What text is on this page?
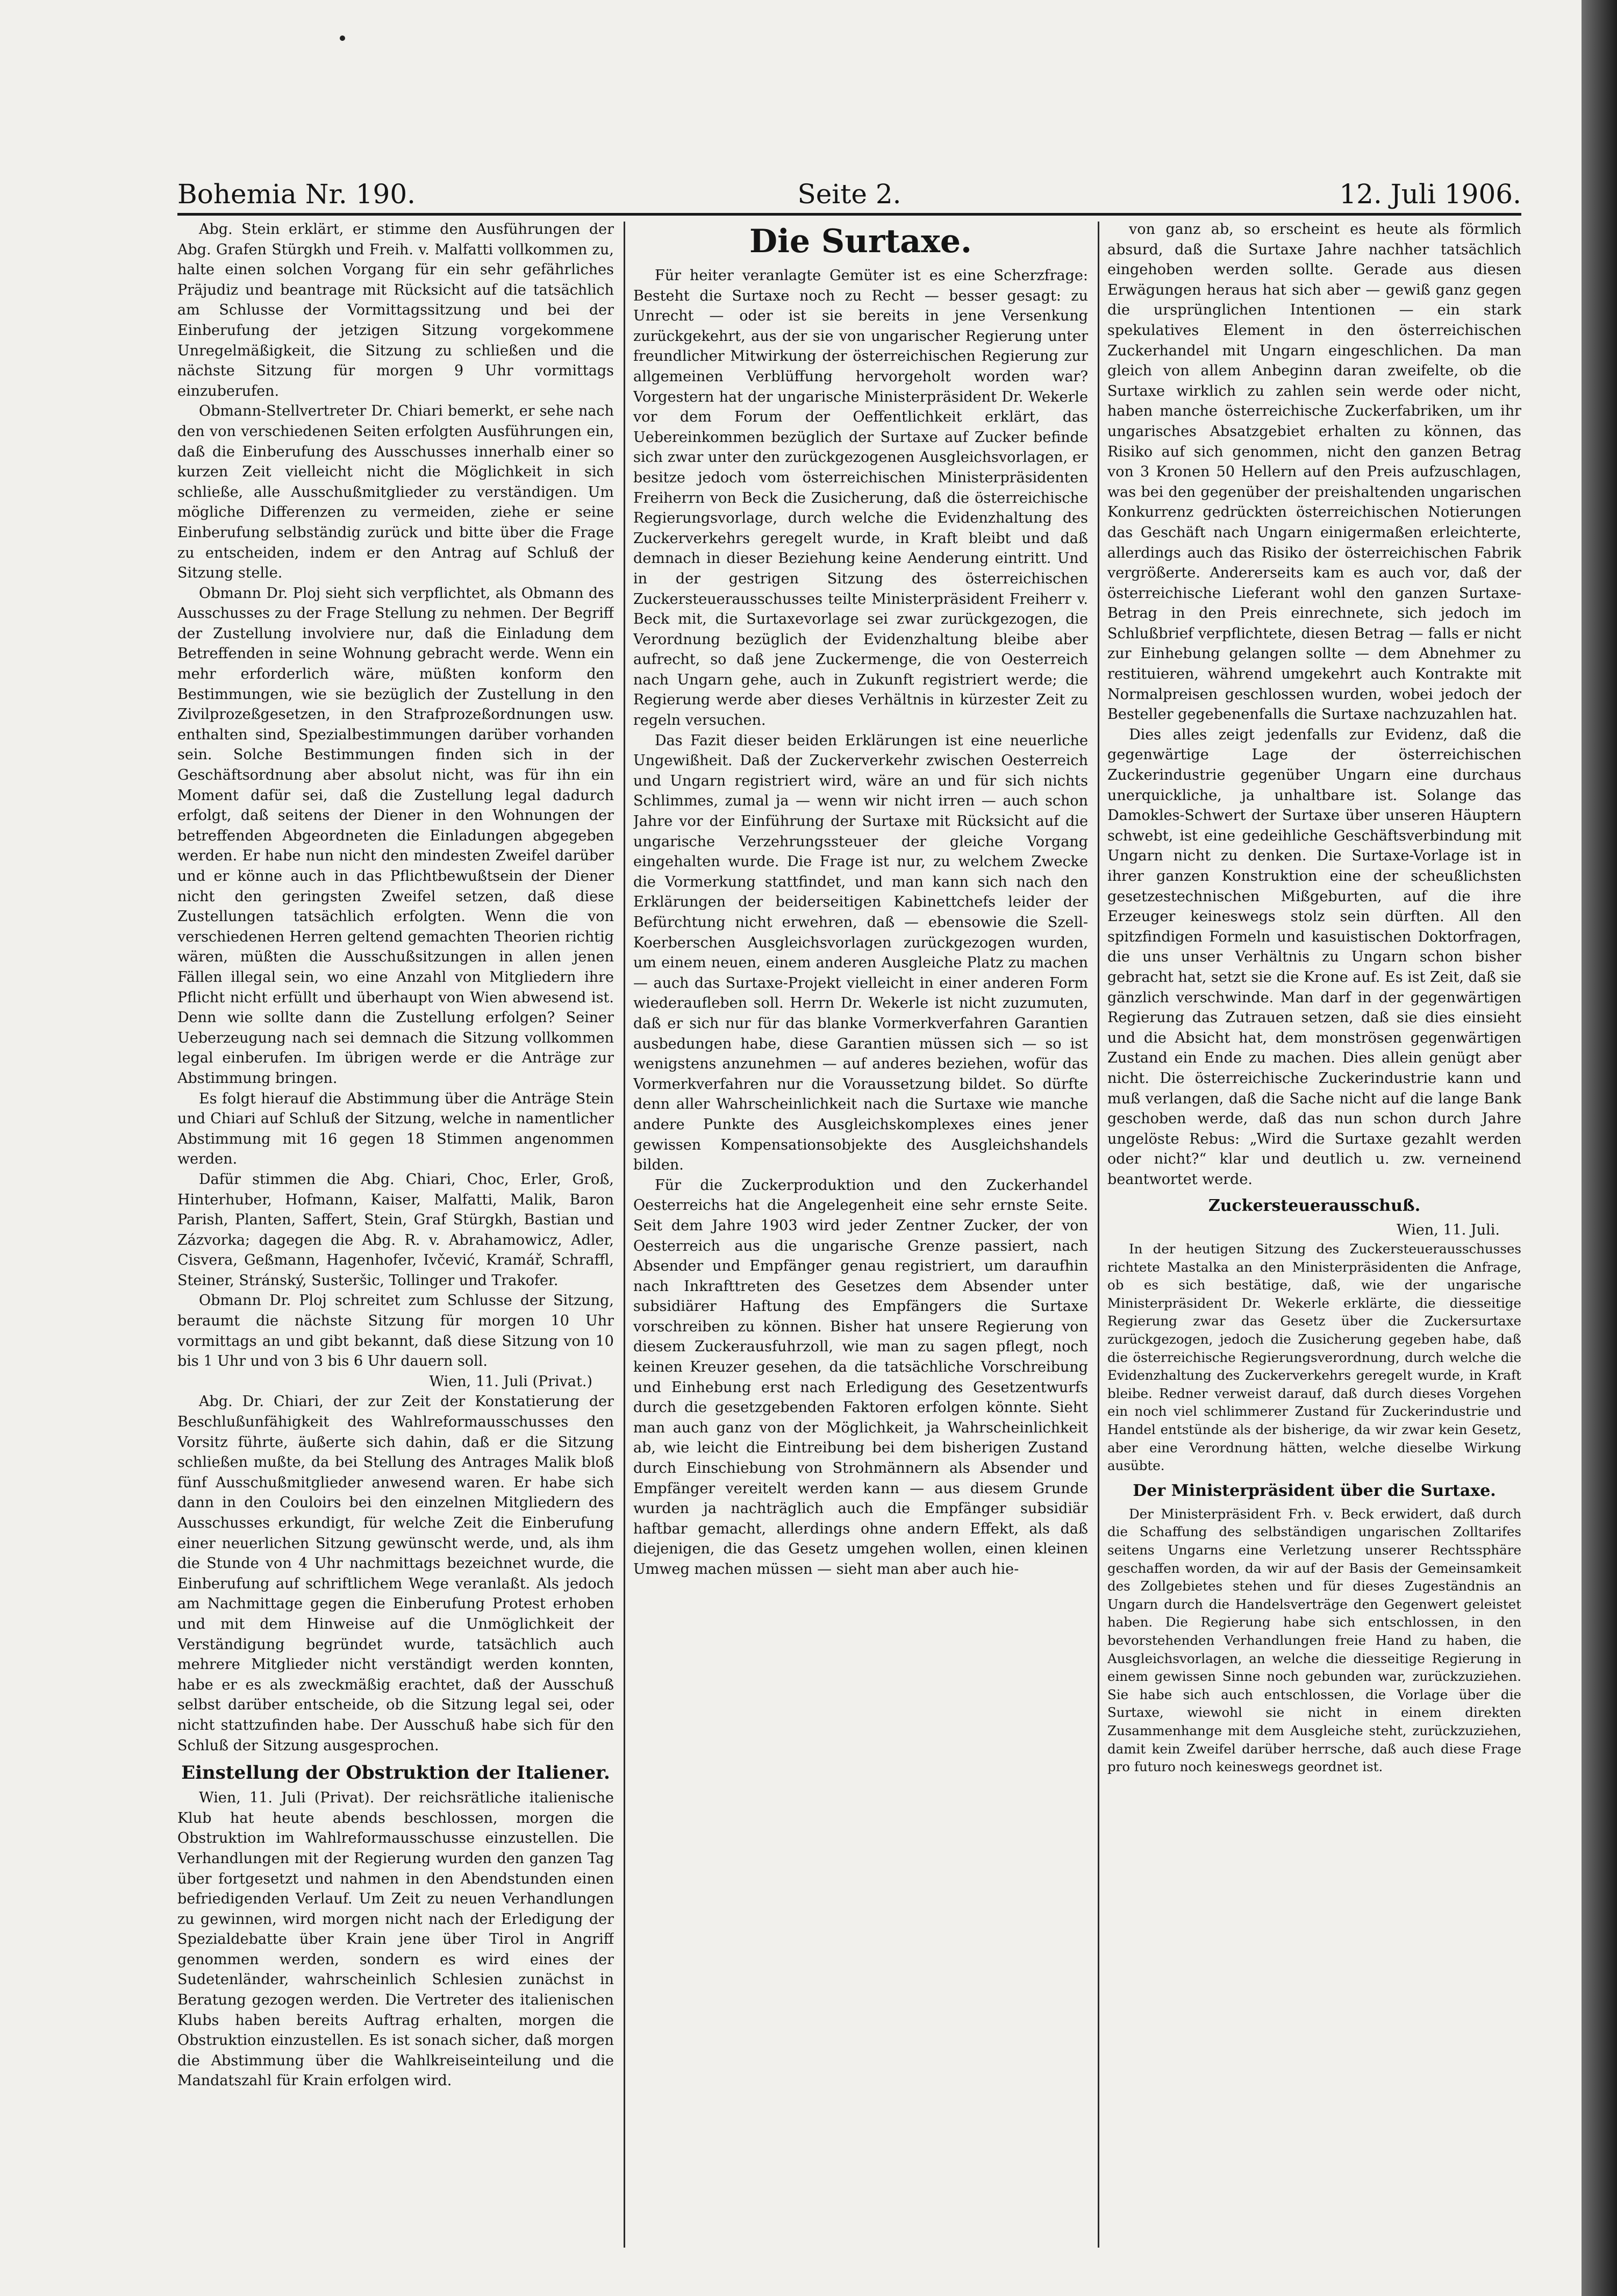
Bohemia Nr. 190.	Seite 2.	12. Juli 1906.

Abg. Stein erklärt, er stimme den Ausführungen der Abg. Grafen Stürgkh und Freih. v. Malfatti vollkommen zu, halte einen solchen Vorgang für ein sehr gefährliches Präjudiz und beantrage mit Rücksicht auf die tatsächlich am Schlusse der Vormittagssitzung und bei der Einberufung der jetzigen Sitzung vorgekommene Unregelmäßigkeit, die Sitzung zu schließen und die nächste Sitzung für morgen 9 Uhr vormittags einzuberufen.

Obmann-Stellvertreter Dr. Chiari bemerkt, er sehe nach den von verschiedenen Seiten erfolgten Ausführungen ein, daß die Einberufung des Ausschusses innerhalb einer so kurzen Zeit vielleicht nicht die Möglichkeit in sich schließe, alle Ausschußmitglieder zu verständigen. Um mögliche Differenzen zu vermeiden, ziehe er seine Einberufung selbständig zurück und bitte über die Frage zu entscheiden, indem er den Antrag auf Schluß der Sitzung stelle.

Obmann Dr. Ploj sieht sich verpflichtet, als Obmann des Ausschusses zu der Frage Stellung zu nehmen. Der Begriff der Zustellung involviere nur, daß die Einladung dem Betreffenden in seine Wohnung gebracht werde. Wenn ein mehr erforderlich wäre, müßten konform den Bestimmungen, wie sie bezüglich der Zustellung in den Zivilprozeßgesetzen, in den Strafprozeßordnungen usw. enthalten sind, Spezialbestimmungen darüber vorhanden sein. Solche Bestimmungen finden sich in der Geschäftsordnung aber absolut nicht, was für ihn ein Moment dafür sei, daß die Zustellung legal dadurch erfolgt, daß seitens der Diener in den Wohnungen der betreffenden Abgeordneten die Einladungen abgegeben werden. Er habe nun nicht den mindesten Zweifel darüber und er könne auch in das Pflichtbewußtsein der Diener nicht den geringsten Zweifel setzen, daß diese Zustellungen tatsächlich erfolgten. Wenn die von verschiedenen Herren geltend gemachten Theorien richtig wären, müßten die Ausschußsitzungen in allen jenen Fällen illegal sein, wo eine Anzahl von Mitgliedern ihre Pflicht nicht erfüllt und überhaupt von Wien abwesend ist. Denn wie sollte dann die Zustellung erfolgen? Seiner Ueberzeugung nach sei demnach die Sitzung vollkommen legal einberufen. Im übrigen werde er die Anträge zur Abstimmung bringen.

Es folgt hierauf die Abstimmung über die Anträge Stein und Chiari auf Schluß der Sitzung, welche in namentlicher Abstimmung mit 16 gegen 18 Stimmen angenommen werden.

Dafür stimmen die Abg. Chiari, Choc, Erler, Groß, Hinterhuber, Hofmann, Kaiser, Malfatti, Malik, Baron Parish, Planten, Saffert, Stein, Graf Stürgkh, Bastian und Zázvorka; dagegen die Abg. R. v. Abrahamowicz, Adler, Cisvera, Geßmann, Hagenhofer, Ivčević, Kramář, Schraffl, Steiner, Stránský, Susteršic, Tollinger und Trakofer.

Obmann Dr. Ploj schreitet zum Schlusse der Sitzung, beraumt die nächste Sitzung für morgen 10 Uhr vormittags an und gibt bekannt, daß diese Sitzung von 10 bis 1 Uhr und von 3 bis 6 Uhr dauern soll.

Wien, 11. Juli (Privat.)

Abg. Dr. Chiari, der zur Zeit der Konstatierung der Beschlußunfähigkeit des Wahlreformausschusses den Vorsitz führte, äußerte sich dahin, daß er die Sitzung schließen mußte, da bei Stellung des Antrages Malik bloß fünf Ausschußmitglieder anwesend waren. Er habe sich dann in den Couloirs bei den einzelnen Mitgliedern des Ausschusses erkundigt, für welche Zeit die Einberufung einer neuerlichen Sitzung gewünscht werde, und, als ihm die Stunde von 4 Uhr nachmittags bezeichnet wurde, die Einberufung auf schriftlichem Wege veranlaßt. Als jedoch am Nachmittage gegen die Einberufung Protest erhoben und mit dem Hinweise auf die Unmöglichkeit der Verständigung begründet wurde, tatsächlich auch mehrere Mitglieder nicht verständigt werden konnten, habe er es als zweckmäßig erachtet, daß der Ausschuß selbst darüber entscheide, ob die Sitzung legal sei, oder nicht stattzufinden habe. Der Ausschuß habe sich für den Schluß der Sitzung ausgesprochen.

Einstellung der Obstruktion der Italiener.

Wien, 11. Juli (Privat). Der reichsrätliche italienische Klub hat heute abends beschlossen, morgen die Obstruktion im Wahlreformausschusse einzustellen. Die Verhandlungen mit der Regierung wurden den ganzen Tag über fortgesetzt und nahmen in den Abendstunden einen befriedigenden Verlauf. Um Zeit zu neuen Verhandlungen zu gewinnen, wird morgen nicht nach der Erledigung der Spezialdebatte über Krain jene über Tirol in Angriff genommen werden, sondern es wird eines der Sudetenländer, wahrscheinlich Schlesien zunächst in Beratung gezogen werden. Die Vertreter des italienischen Klubs haben bereits Auftrag erhalten, morgen die Obstruktion einzustellen. Es ist sonach sicher, daß morgen die Abstimmung über die Wahlkreiseinteilung und die Mandatszahl für Krain erfolgen wird.

Die Surtaxe.

Für heiter veranlagte Gemüter ist es eine Scherzfrage: Besteht die Surtaxe noch zu Recht — besser gesagt: zu Unrecht — oder ist sie bereits in jene Versenkung zurückgekehrt, aus der sie von ungarischer Regierung unter freundlicher Mitwirkung der österreichischen Regierung zur allgemeinen Verblüffung hervorgeholt worden war? Vorgestern hat der ungarische Ministerpräsident Dr. Wekerle vor dem Forum der Oeffentlichkeit erklärt, das Uebereinkommen bezüglich der Surtaxe auf Zucker befinde sich zwar unter den zurückgezogenen Ausgleichsvorlagen, er besitze jedoch vom österreichischen Ministerpräsidenten Freiherrn von Beck die Zusicherung, daß die österreichische Regierungsvorlage, durch welche die Evidenzhaltung des Zuckerverkehrs geregelt wurde, in Kraft bleibt und daß demnach in dieser Beziehung keine Aenderung eintritt. Und in der gestrigen Sitzung des österreichischen Zuckersteuerausschusses teilte Ministerpräsident Freiherr v. Beck mit, die Surtaxevorlage sei zwar zurückgezogen, die Verordnung bezüglich der Evidenzhaltung bleibe aber aufrecht, so daß jene Zuckermenge, die von Oesterreich nach Ungarn gehe, auch in Zukunft registriert werde; die Regierung werde aber dieses Verhältnis in kürzester Zeit zu regeln versuchen.

Das Fazit dieser beiden Erklärungen ist eine neuerliche Ungewißheit. Daß der Zuckerverkehr zwischen Oesterreich und Ungarn registriert wird, wäre an und für sich nichts Schlimmes, zumal ja — wenn wir nicht irren — auch schon Jahre vor der Einführung der Surtaxe mit Rücksicht auf die ungarische Verzehrungssteuer der gleiche Vorgang eingehalten wurde. Die Frage ist nur, zu welchem Zwecke die Vormerkung stattfindet, und man kann sich nach den Erklärungen der beiderseitigen Kabinettchefs leider der Befürchtung nicht erwehren, daß — ebensowie die Szell-Koerberschen Ausgleichsvorlagen zurückgezogen wurden, um einem neuen, einem anderen Ausgleiche Platz zu machen — auch das Surtaxe-Projekt vielleicht in einer anderen Form wiederaufleben soll. Herrn Dr. Wekerle ist nicht zuzumuten, daß er sich nur für das blanke Vormerkverfahren Garantien ausbedungen habe, diese Garantien müssen sich — so ist wenigstens anzunehmen — auf anderes beziehen, wofür das Vormerkverfahren nur die Voraussetzung bildet. So dürfte denn aller Wahrscheinlichkeit nach die Surtaxe wie manche andere Punkte des Ausgleichskomplexes eines jener gewissen Kompensationsobjekte des Ausgleichshandels bilden.

Für die Zuckerproduktion und den Zuckerhandel Oesterreichs hat die Angelegenheit eine sehr ernste Seite. Seit dem Jahre 1903 wird jeder Zentner Zucker, der von Oesterreich aus die ungarische Grenze passiert, nach Absender und Empfänger genau registriert, um daraufhin nach Inkrafttreten des Gesetzes dem Absender unter subsidiärer Haftung des Empfängers die Surtaxe vorschreiben zu können. Bisher hat unsere Regierung von diesem Zuckerausfuhrzoll, wie man zu sagen pflegt, noch keinen Kreuzer gesehen, da die tatsächliche Vorschreibung und Einhebung erst nach Erledigung des Gesetzentwurfs durch die gesetzgebenden Faktoren erfolgen könnte. Sieht man auch ganz von der Möglichkeit, ja Wahrscheinlichkeit ab, wie leicht die Eintreibung bei dem bisherigen Zustand durch Einschiebung von Strohmännern als Absender und Empfänger vereitelt werden kann — aus diesem Grunde wurden ja nachträglich auch die Empfänger subsidiär haftbar gemacht, allerdings ohne andern Effekt, als daß diejenigen, die das Gesetz umgehen wollen, einen kleinen Umweg machen müssen — sieht man aber auch hie-

von ganz ab, so erscheint es heute als förmlich absurd, daß die Surtaxe Jahre nachher tatsächlich eingehoben werden sollte. Gerade aus diesen Erwägungen heraus hat sich aber — gewiß ganz gegen die ursprünglichen Intentionen — ein stark spekulatives Element in den österreichischen Zuckerhandel mit Ungarn eingeschlichen. Da man gleich von allem Anbeginn daran zweifelte, ob die Surtaxe wirklich zu zahlen sein werde oder nicht, haben manche österreichische Zuckerfabriken, um ihr ungarisches Absatzgebiet erhalten zu können, das Risiko auf sich genommen, nicht den ganzen Betrag von 3 Kronen 50 Hellern auf den Preis aufzuschlagen, was bei den gegenüber der preishaltenden ungarischen Konkurrenz gedrückten österreichischen Notierungen das Geschäft nach Ungarn einigermaßen erleichterte, allerdings auch das Risiko der österreichischen Fabrik vergrößerte. Andererseits kam es auch vor, daß der österreichische Lieferant wohl den ganzen Surtaxe-Betrag in den Preis einrechnete, sich jedoch im Schlußbrief verpflichtete, diesen Betrag — falls er nicht zur Einhebung gelangen sollte — dem Abnehmer zu restituieren, während umgekehrt auch Kontrakte mit Normalpreisen geschlossen wurden, wobei jedoch der Besteller gegebenenfalls die Surtaxe nachzuzahlen hat.

Dies alles zeigt jedenfalls zur Evidenz, daß die gegenwärtige Lage der österreichischen Zuckerindustrie gegenüber Ungarn eine durchaus unerquickliche, ja unhaltbare ist. Solange das Damokles-Schwert der Surtaxe über unseren Häuptern schwebt, ist eine gedeihliche Geschäftsverbindung mit Ungarn nicht zu denken. Die Surtaxe-Vorlage ist in ihrer ganzen Konstruktion eine der scheußlichsten gesetzestechnischen Mißgeburten, auf die ihre Erzeuger keineswegs stolz sein dürften. All den spitzfindigen Formeln und kasuistischen Doktorfragen, die uns unser Verhältnis zu Ungarn schon bisher gebracht hat, setzt sie die Krone auf. Es ist Zeit, daß sie gänzlich verschwinde. Man darf in der gegenwärtigen Regierung das Zutrauen setzen, daß sie dies einsieht und die Absicht hat, dem monströsen gegenwärtigen Zustand ein Ende zu machen. Dies allein genügt aber nicht. Die österreichische Zuckerindustrie kann und muß verlangen, daß die Sache nicht auf die lange Bank geschoben werde, daß das nun schon durch Jahre ungelöste Rebus: „Wird die Surtaxe gezahlt werden oder nicht?“ klar und deutlich u. zw. verneinend beantwortet werde.

Zuckersteuerausschuß.

Wien, 11. Juli.

In der heutigen Sitzung des Zuckersteuerausschusses richtete Mastalka an den Ministerpräsidenten die Anfrage, ob es sich bestätige, daß, wie der ungarische Ministerpräsident Dr. Wekerle erklärte, die diesseitige Regierung zwar das Gesetz über die Zuckersurtaxe zurückgezogen, jedoch die Zusicherung gegeben habe, daß die österreichische Regierungsverordnung, durch welche die Evidenzhaltung des Zuckerverkehrs geregelt wurde, in Kraft bleibe. Redner verweist darauf, daß durch dieses Vorgehen ein noch viel schlimmerer Zustand für Zuckerindustrie und Handel entstünde als der bisherige, da wir zwar kein Gesetz, aber eine Verordnung hätten, welche dieselbe Wirkung ausübte.

Der Ministerpräsident über die Surtaxe.

Der Ministerpräsident Frh. v. Beck erwidert, daß durch die Schaffung des selbständigen ungarischen Zolltarifes seitens Ungarns eine Verletzung unserer Rechtssphäre geschaffen worden, da wir auf der Basis der Gemeinsamkeit des Zollgebietes stehen und für dieses Zugeständnis an Ungarn durch die Handelsverträge den Gegenwert geleistet haben. Die Regierung habe sich entschlossen, in den bevorstehenden Verhandlungen freie Hand zu haben, die Ausgleichsvorlagen, an welche die diesseitige Regierung in einem gewissen Sinne noch gebunden war, zurückzuziehen. Sie habe sich auch entschlossen, die Vorlage über die Surtaxe, wiewohl sie nicht in einem direkten Zusammenhange mit dem Ausgleiche steht, zurückzuziehen, damit kein Zweifel darüber herrsche, daß auch diese Frage pro futuro noch keineswegs geordnet ist.
